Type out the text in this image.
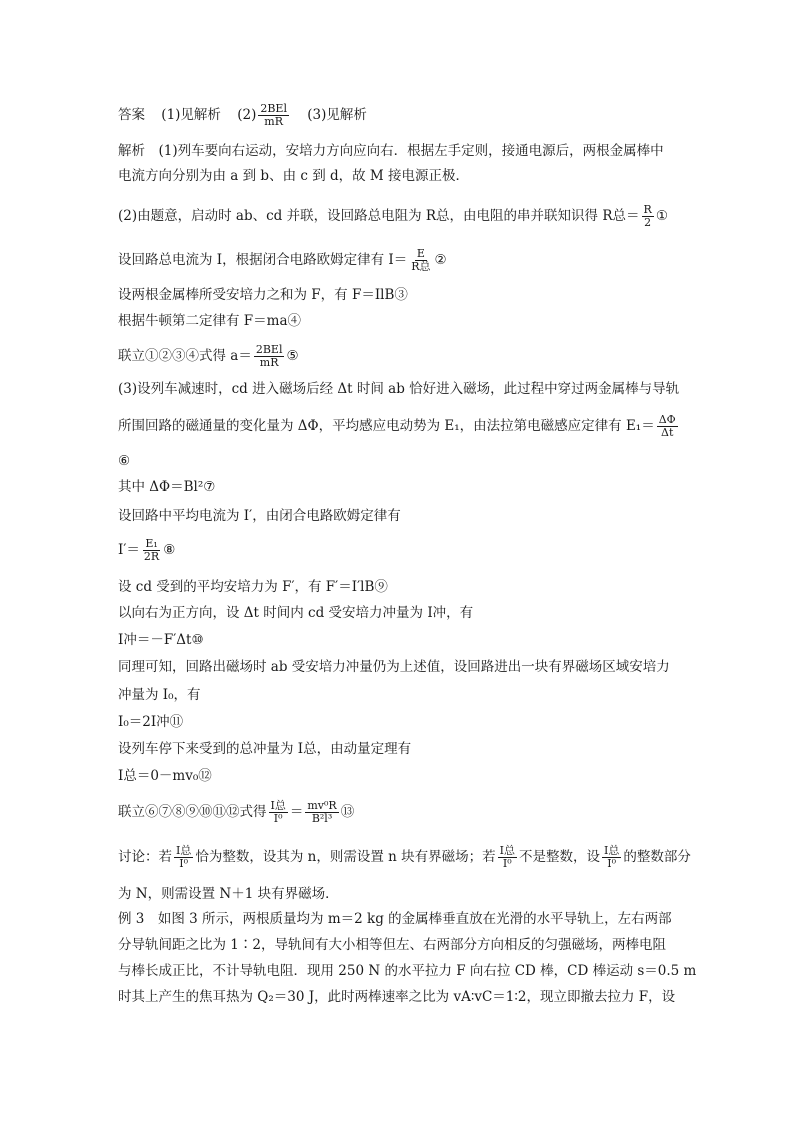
答案 (1)见解析 $(2) \frac{\text{2BEl}}{mR} (3)$见解析
解析　(1)列车要向右运动，安培力方向应向右．根据左手定则，接通电源后，两根金属棒中
电流方向分别为由 a 到 b、由 c 到 d，故 M 接电源正极．
(2)由题意，启动时 ab、cd 并联，设回路总电阻为 R总，由电阻的串并联知识得 R总＝ $\frac{R}{2}$ ①
设回路总电流为 I，根据闭合电路欧姆定律有 $I= \frac{E}{\text{R总}}$ ②
设两根金属棒所受安培力之和为 F，有 F＝IlB③
根据牛顿第二定律有 F＝ma④
联立①②③④式得 $a= \frac{\text{2BEl}}{mR}$ ⑤
(3)设列车减速时，cd 进入磁场后经 Δt 时间 ab 恰好进入磁场，此过程中穿过两金属棒与导轨
所围回路的磁通量的变化量为 ΔΦ，平均感应电动势为 E₁，由法拉第电磁感应定律有 $E_1= \frac{\Delta\Phi}{\Delta t}$
⑥
其中 ΔΦ＝Bl²⑦
设回路中平均电流为 I′，由闭合电路欧姆定律有
$I'= \frac{\text{E₁}}{2R}$ ⑧
设 cd 受到的平均安培力为 F′，有 F′＝I′lB⑨
以向右为正方向，设 Δt 时间内 cd 受安培力冲量为 I冲，有
I冲＝－F′Δt⑩
同理可知，回路出磁场时 ab 受安培力冲量仍为上述值，设回路进出一块有界磁场区域安培力
冲量为 I₀，有
I₀＝2I冲⑪
设列车停下来受到的总冲量为 I总，由动量定理有
I总＝0－mv₀⑫
联立⑥⑦⑧⑨⑩⑪⑫式得 $\frac{\text{I总}}{\text{I⁰}} = \frac{\text{mv⁰R}}{\text{B²l³}}$ ⑬
讨论：若 $\frac{\text{I总}}{\text{I⁰}}$ 恰为整数，设其为 n，则需设置 n 块有界磁场；若 $\frac{\text{I总}}{\text{I⁰}}$ 不是整数，设 $\frac{\text{I总}}{\text{I⁰}}$ 的整数部分
为 N，则需设置 N＋1 块有界磁场．
例 3　如图 3 所示，两根质量均为 m＝2 kg 的金属棒垂直放在光滑的水平导轨上，左右两部
分导轨间距之比为 1∶2，导轨间有大小相等但左、右两部分方向相反的匀强磁场，两棒电阻
与棒长成正比，不计导轨电阻．现用 250 N 的水平拉力 F 向右拉 CD 棒，CD 棒运动 s＝0.5 m
时其上产生的焦耳热为 Q₂＝30 J，此时两棒速率之比为 vA∶vC＝1∶2，现立即撤去拉力 F，设
